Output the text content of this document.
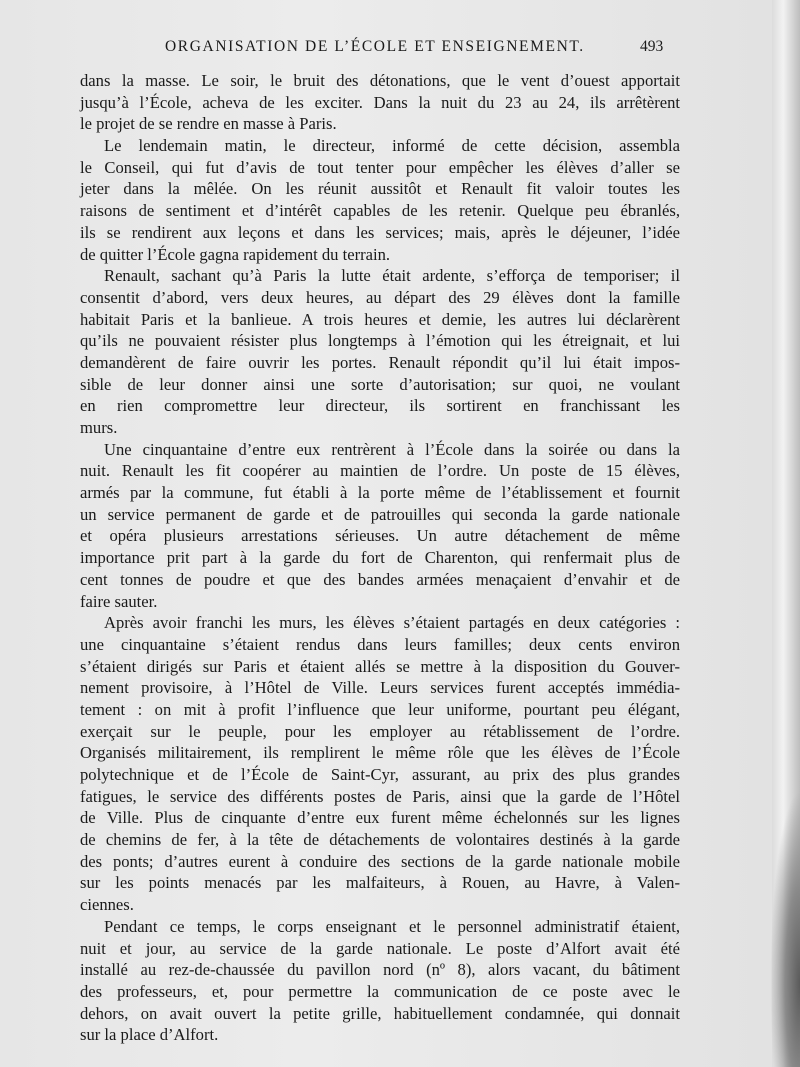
ORGANISATION DE L’ÉCOLE ET ENSEIGNEMENT.	493
dans la masse. Le soir, le bruit des détonations, que le vent d’ouest apportait
jusqu’à l’École, acheva de les exciter. Dans la nuit du 23 au 24, ils arrêtèrent
le projet de se rendre en masse à Paris.
Le lendemain matin, le directeur, informé de cette décision, assembla
le Conseil, qui fut d’avis de tout tenter pour empêcher les élèves d’aller se
jeter dans la mêlée. On les réunit aussitôt et Renault fit valoir toutes les
raisons de sentiment et d’intérêt capables de les retenir. Quelque peu ébranlés,
ils se rendirent aux leçons et dans les services; mais, après le déjeuner, l’idée
de quitter l’École gagna rapidement du terrain.
Renault, sachant qu’à Paris la lutte était ardente, s’efforça de temporiser; il
consentit d’abord, vers deux heures, au départ des 29 élèves dont la famille
habitait Paris et la banlieue. A trois heures et demie, les autres lui déclarèrent
qu’ils ne pouvaient résister plus longtemps à l’émotion qui les étreignait, et lui
demandèrent de faire ouvrir les portes. Renault répondit qu’il lui était impos-
sible de leur donner ainsi une sorte d’autorisation; sur quoi, ne voulant
en rien compromettre leur directeur, ils sortirent en franchissant les
murs.
Une cinquantaine d’entre eux rentrèrent à l’École dans la soirée ou dans la
nuit. Renault les fit coopérer au maintien de l’ordre. Un poste de 15 élèves,
armés par la commune, fut établi à la porte même de l’établissement et fournit
un service permanent de garde et de patrouilles qui seconda la garde nationale
et opéra plusieurs arrestations sérieuses. Un autre détachement de même
importance prit part à la garde du fort de Charenton, qui renfermait plus de
cent tonnes de poudre et que des bandes armées menaçaient d’envahir et de
faire sauter.
Après avoir franchi les murs, les élèves s’étaient partagés en deux catégories :
une cinquantaine s’étaient rendus dans leurs familles; deux cents environ
s’étaient dirigés sur Paris et étaient allés se mettre à la disposition du Gouver-
nement provisoire, à l’Hôtel de Ville. Leurs services furent acceptés immédia-
tement : on mit à profit l’influence que leur uniforme, pourtant peu élégant,
exerçait sur le peuple, pour les employer au rétablissement de l’ordre.
Organisés militairement, ils remplirent le même rôle que les élèves de l’École
polytechnique et de l’École de Saint-Cyr, assurant, au prix des plus grandes
fatigues, le service des différents postes de Paris, ainsi que la garde de l’Hôtel
de Ville. Plus de cinquante d’entre eux furent même échelonnés sur les lignes
de chemins de fer, à la tête de détachements de volontaires destinés à la garde
des ponts; d’autres eurent à conduire des sections de la garde nationale mobile
sur les points menacés par les malfaiteurs, à Rouen, au Havre, à Valen-
ciennes.
Pendant ce temps, le corps enseignant et le personnel administratif étaient,
nuit et jour, au service de la garde nationale. Le poste d’Alfort avait été
installé au rez-de-chaussée du pavillon nord (nº 8), alors vacant, du bâtiment
des professeurs, et, pour permettre la communication de ce poste avec le
dehors, on avait ouvert la petite grille, habituellement condamnée, qui donnait
sur la place d’Alfort.
